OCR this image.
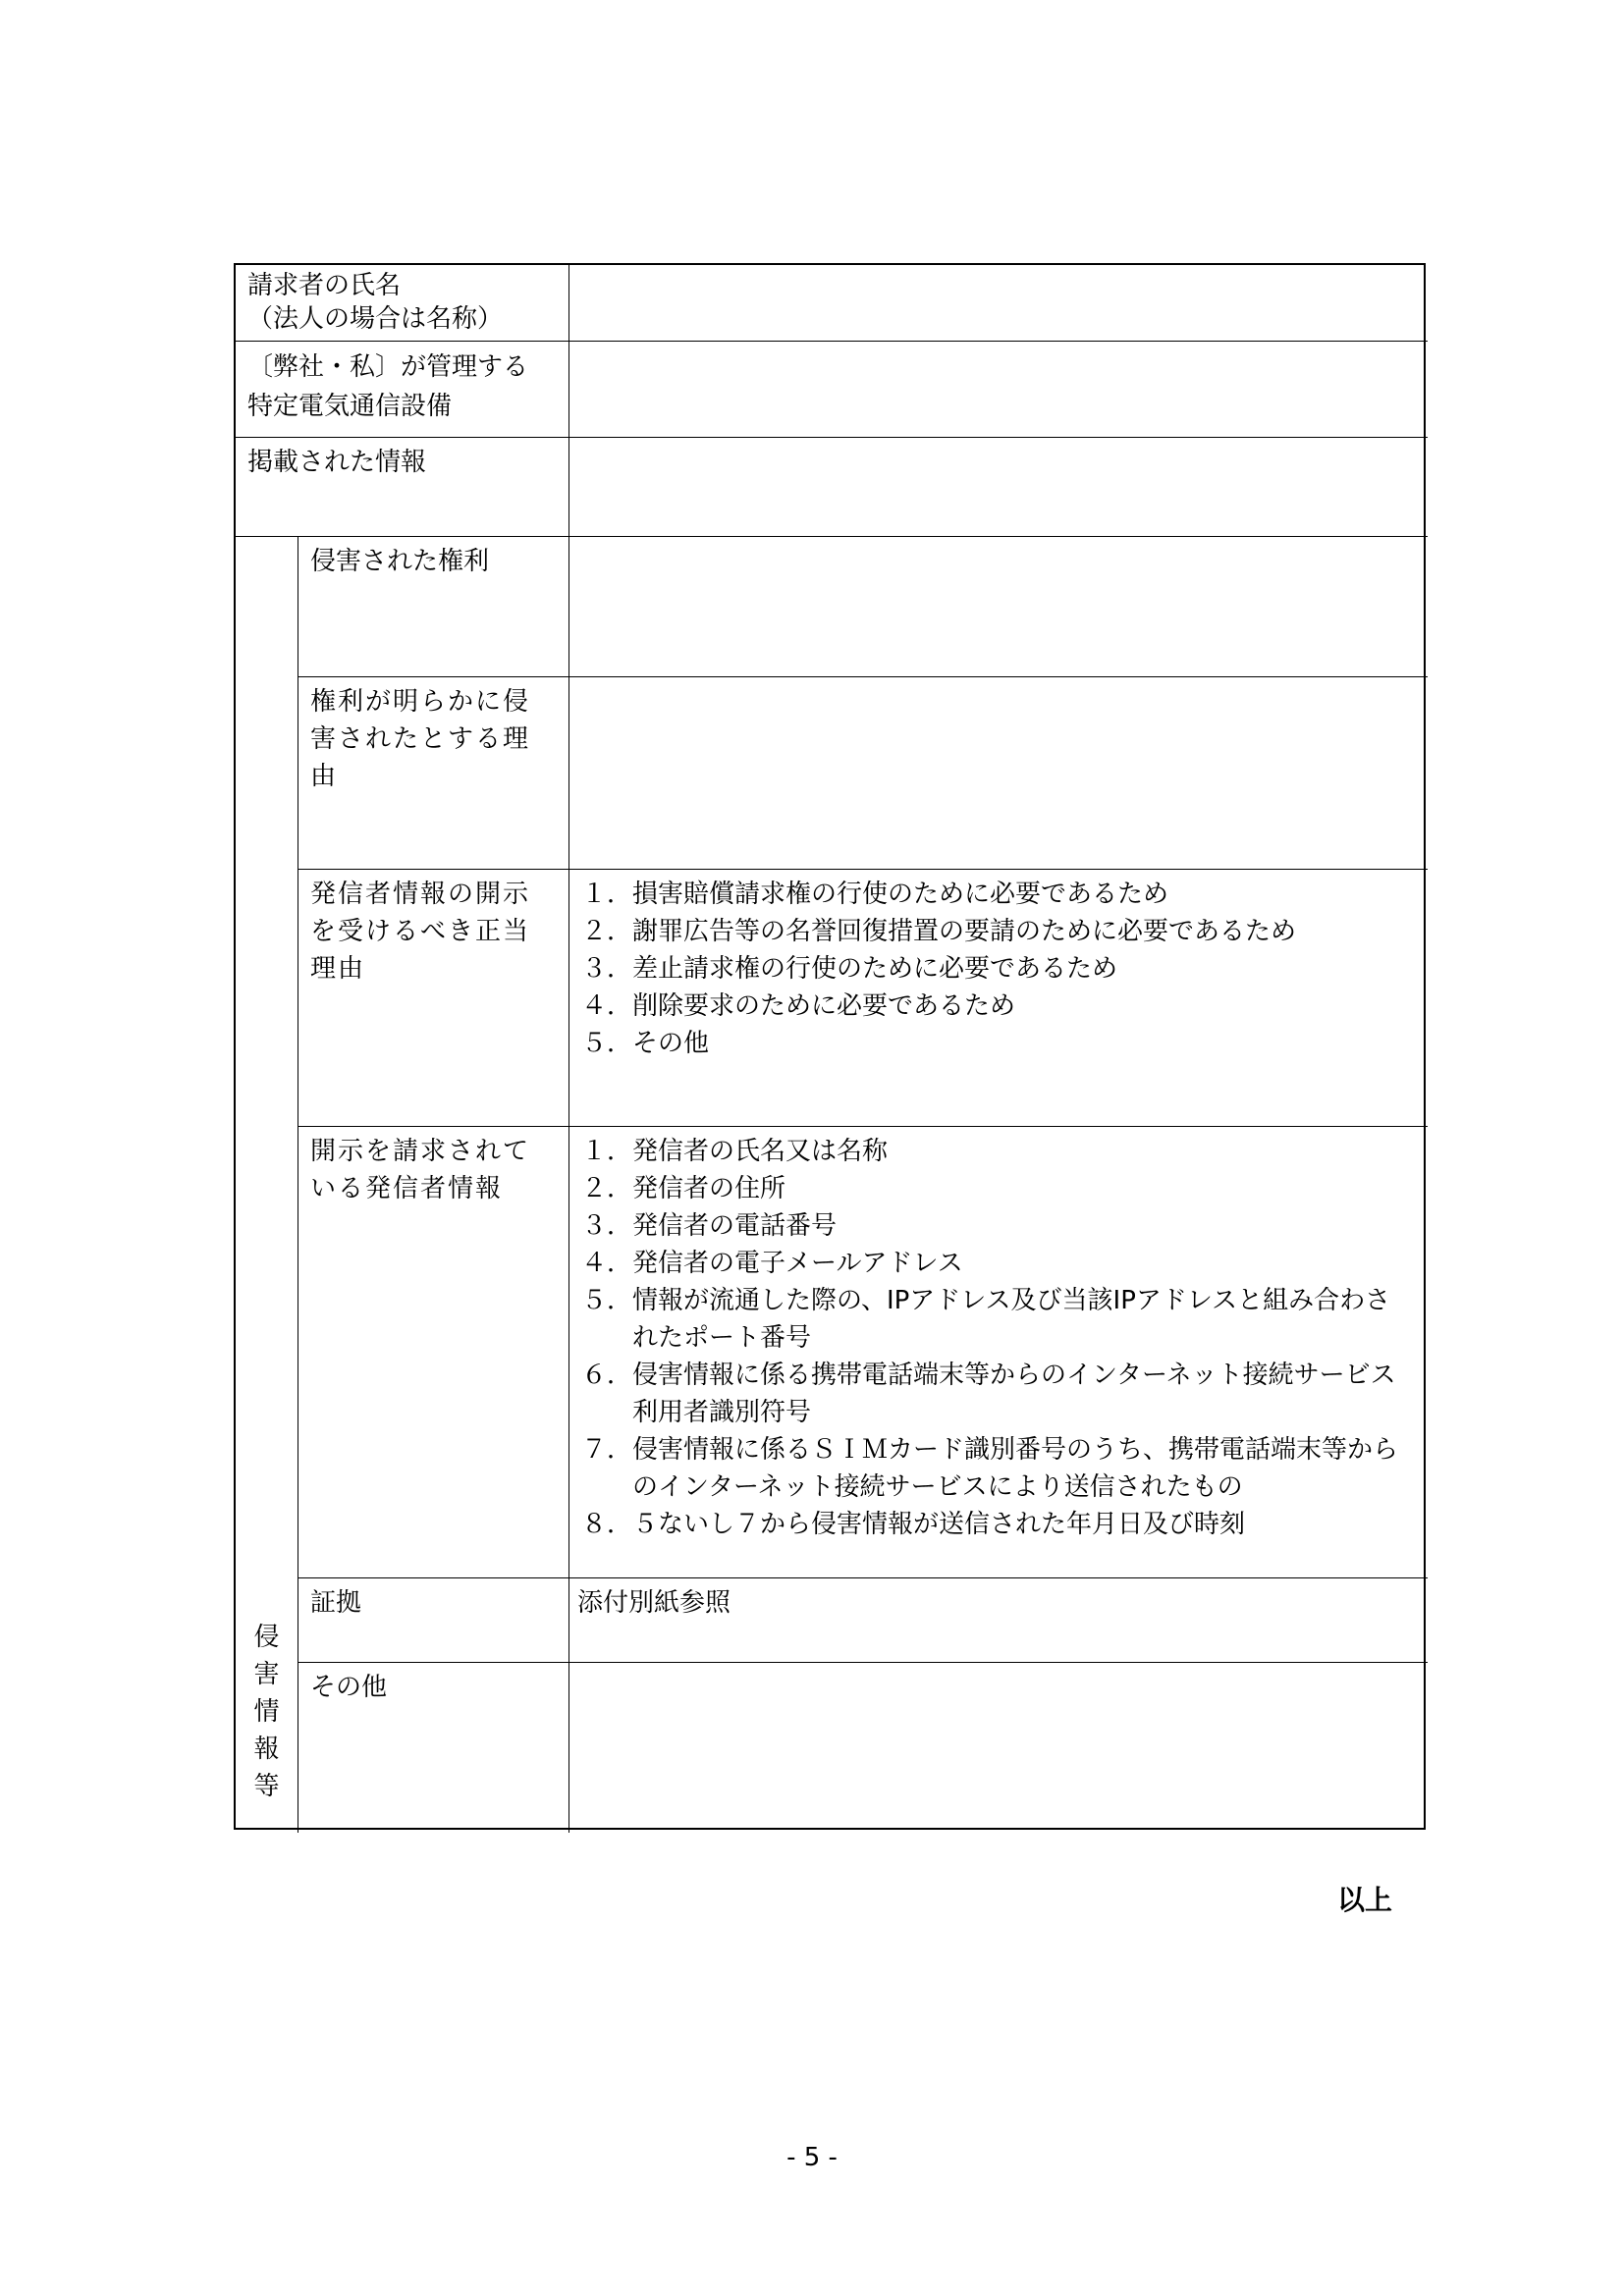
請求者の氏名
（法人の場合は名称）
〔弊社・私〕が管理する
特定電気通信設備
掲載された情報
侵
害
情
報
等
侵害された権利
権利が明らかに侵害されたとする理由
発信者情報の開示を受けるべき正当理由
１． 損害賠償請求権の行使のために必要であるため
２． 謝罪広告等の名誉回復措置の要請のために必要であるため
３． 差止請求権の行使のために必要であるため
４． 削除要求のために必要であるため
５． その他
開示を請求されている発信者情報
１． 発信者の氏名又は名称
２． 発信者の住所
３． 発信者の電話番号
４． 発信者の電子メールアドレス
５． 情報が流通した際の、IPアドレス及び当該IPアドレスと組み合わされたポート番号
６． 侵害情報に係る携帯電話端末等からのインターネット接続サービス利用者識別符号
７． 侵害情報に係るＳＩＭカード識別番号のうち、携帯電話端末等からのインターネット接続サービスにより送信されたもの
８． ５ないし７から侵害情報が送信された年月日及び時刻
証拠	添付別紙参照
その他
以上
- 5 -
